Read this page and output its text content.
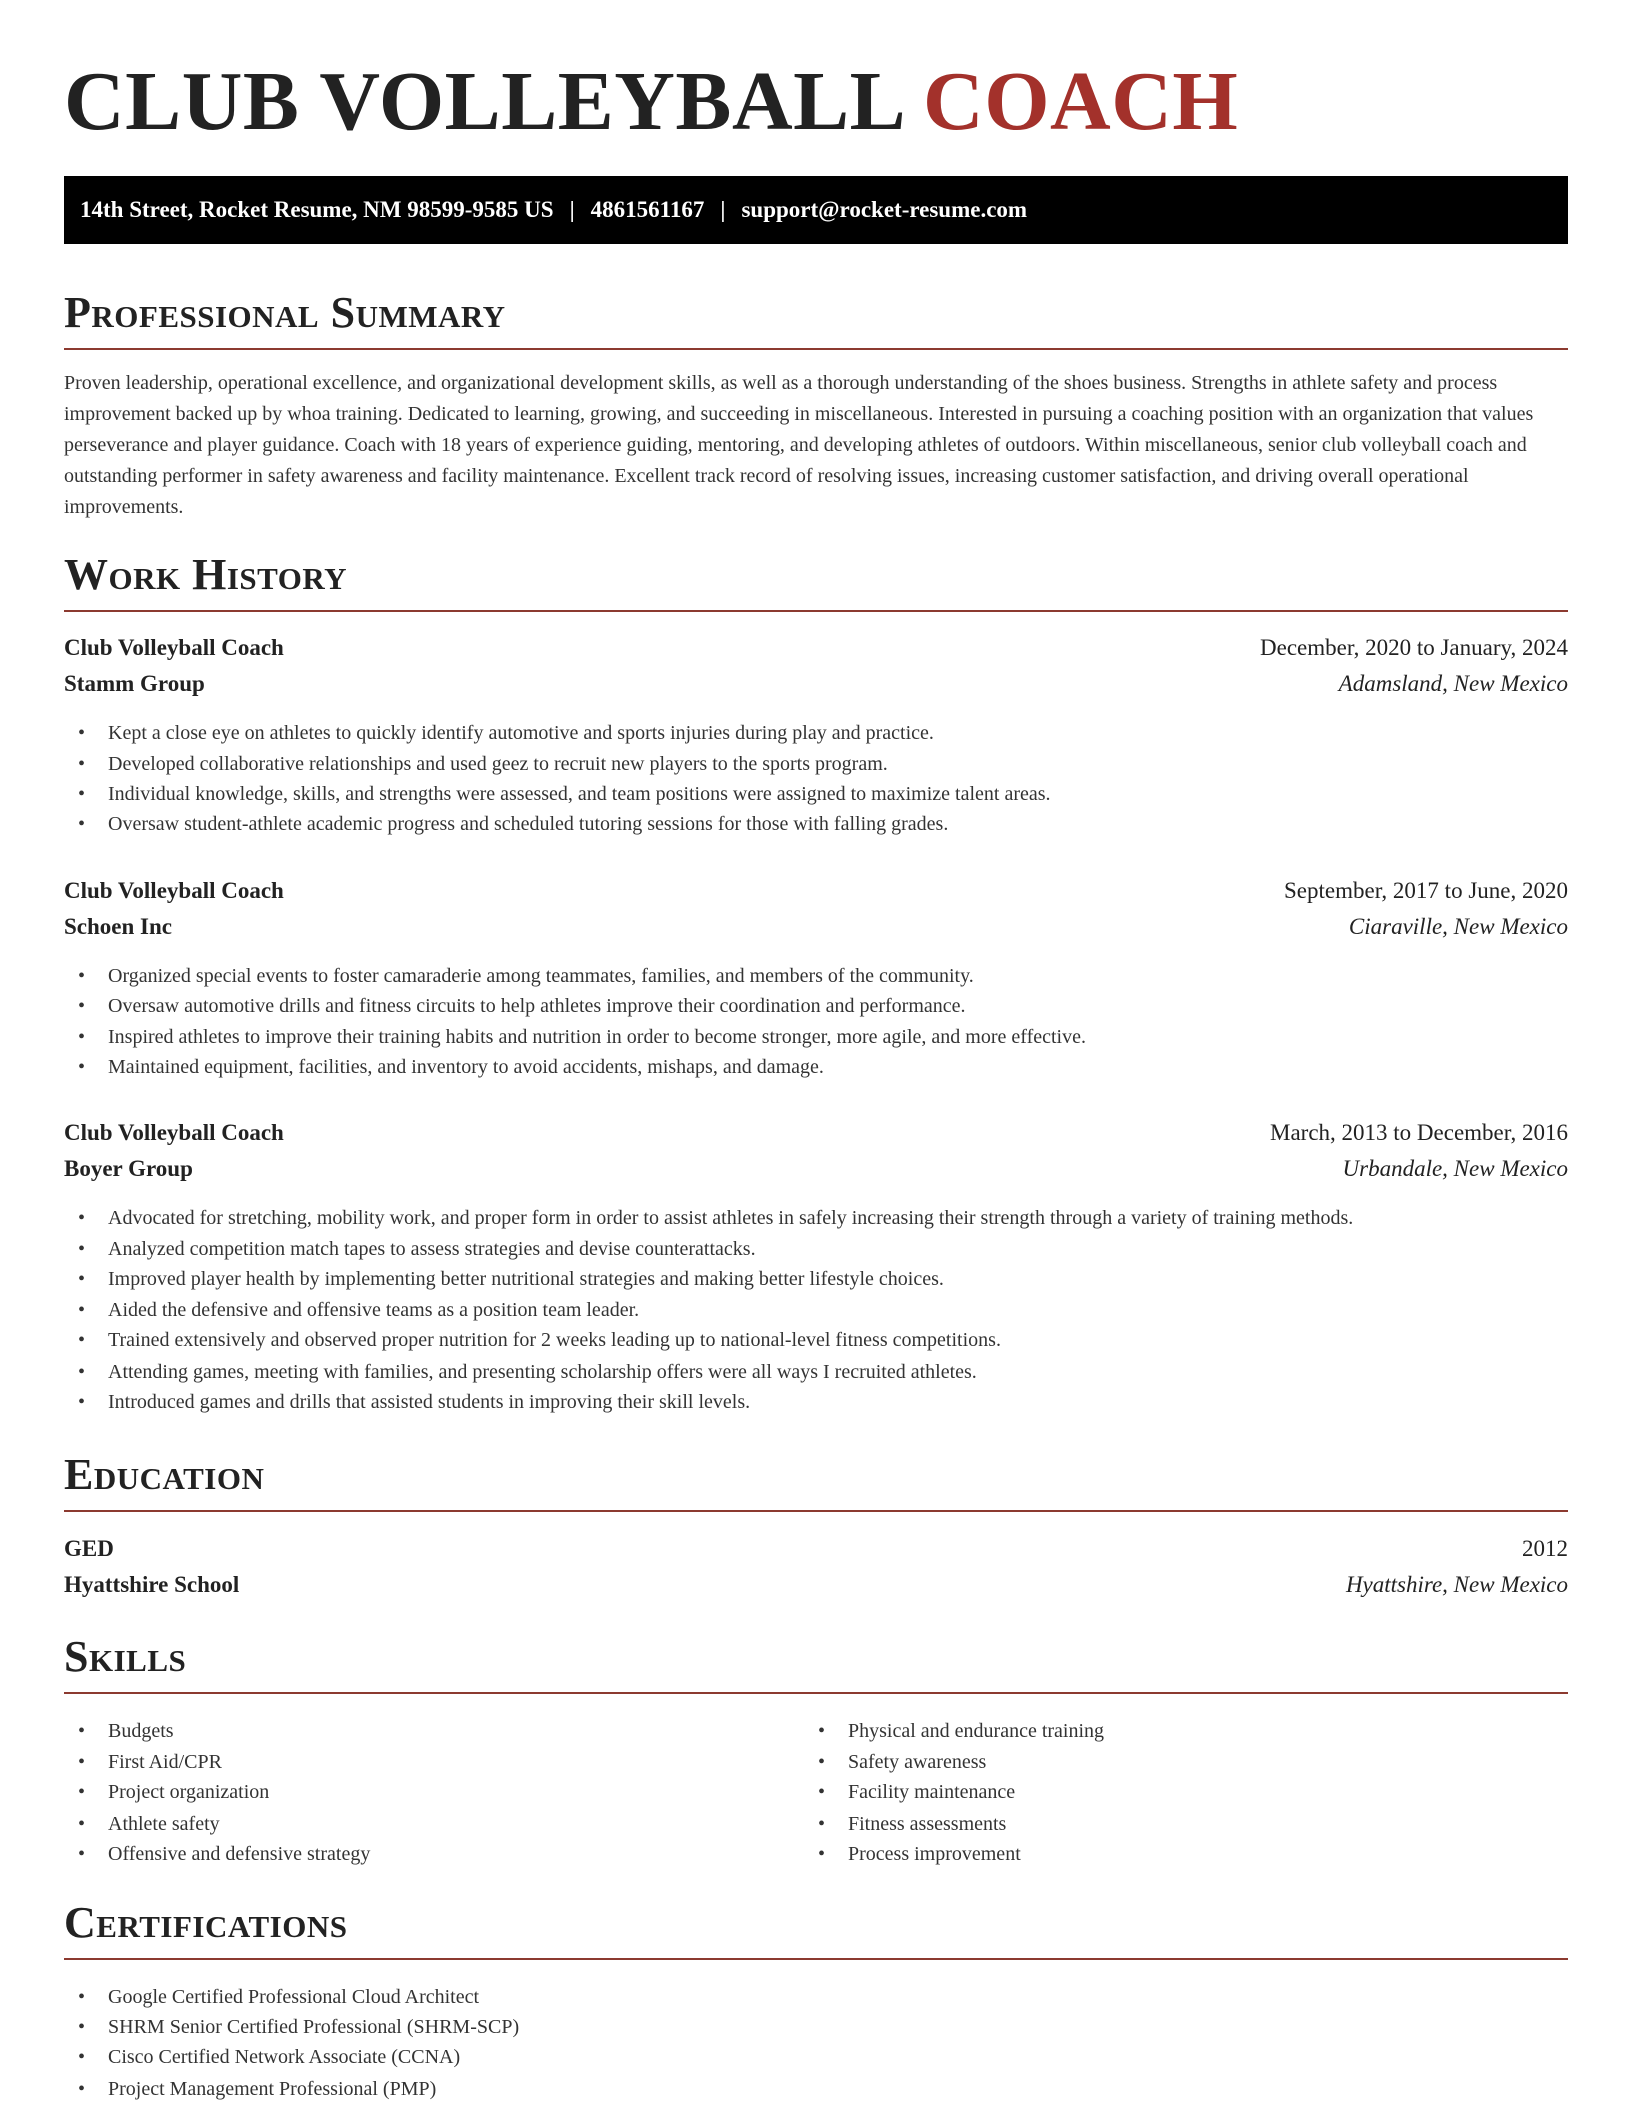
CLUB VOLLEYBALL COACH
14th Street, Rocket Resume, NM 98599-9585 US | 4861561167 | support@rocket-resume.com
Professional Summary

Proven leadership, operational excellence, and organizational development skills, as well as a thorough understanding of the shoes business. Strengths in athlete safety and process improvement backed up by whoa training. Dedicated to learning, growing, and succeeding in miscellaneous. Interested in pursuing a coaching position with an organization that values perseverance and player guidance. Coach with 18 years of experience guiding, mentoring, and developing athletes of outdoors. Within miscellaneous, senior club volleyball coach and outstanding performer in safety awareness and facility maintenance. Excellent track record of resolving issues, increasing customer satisfaction, and driving overall operational improvements.

Work History
Club Volleyball Coach	December, 2020 to January, 2024
Stamm Group	Adamsland, New Mexico
• Kept a close eye on athletes to quickly identify automotive and sports injuries during play and practice.
• Developed collaborative relationships and used geez to recruit new players to the sports program.
• Individual knowledge, skills, and strengths were assessed, and team positions were assigned to maximize talent areas.
• Oversaw student-athlete academic progress and scheduled tutoring sessions for those with falling grades.
Club Volleyball Coach	September, 2017 to June, 2020
Schoen Inc	Ciaraville, New Mexico
• Organized special events to foster camaraderie among teammates, families, and members of the community.
• Oversaw automotive drills and fitness circuits to help athletes improve their coordination and performance.
• Inspired athletes to improve their training habits and nutrition in order to become stronger, more agile, and more effective.
• Maintained equipment, facilities, and inventory to avoid accidents, mishaps, and damage.
Club Volleyball Coach	March, 2013 to December, 2016
Boyer Group	Urbandale, New Mexico
• Advocated for stretching, mobility work, and proper form in order to assist athletes in safely increasing their strength through a variety of training methods.
• Analyzed competition match tapes to assess strategies and devise counterattacks.
• Improved player health by implementing better nutritional strategies and making better lifestyle choices.
• Aided the defensive and offensive teams as a position team leader.
• Trained extensively and observed proper nutrition for 2 weeks leading up to national-level fitness competitions.
• Attending games, meeting with families, and presenting scholarship offers were all ways I recruited athletes.
• Introduced games and drills that assisted students in improving their skill levels.
Education
GED	2012
Hyattshire School	Hyattshire, New Mexico
Skills
• Budgets
• First Aid/CPR
• Project organization
• Athlete safety
• Offensive and defensive strategy
• Physical and endurance training
• Safety awareness
• Facility maintenance
• Fitness assessments
• Process improvement
Certifications
• Google Certified Professional Cloud Architect
• SHRM Senior Certified Professional (SHRM-SCP)
• Cisco Certified Network Associate (CCNA)
• Project Management Professional (PMP)
